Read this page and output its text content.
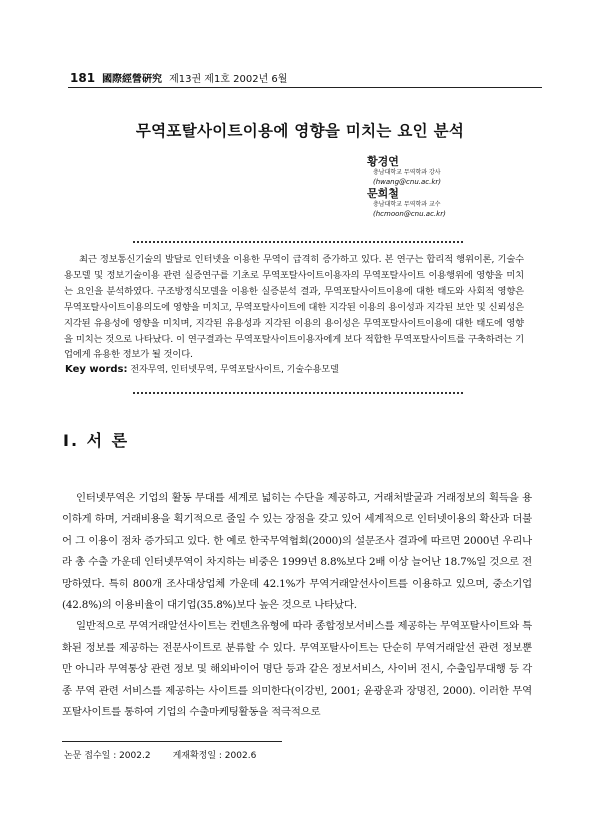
181 國際經營硏究 제13권 제1호 2002년 6월
무역포탈사이트이용에 영향을 미치는 요인 분석
황경연
충남대학교 무역학과 강사
(hwang@cnu.ac.kr)
문희철
충남대학교 무역학과 교수
(hcmoon@cnu.ac.kr)

최근 정보통신기술의 발달로 인터넷을 이용한 무역이 급격히 증가하고 있다. 본 연구는 합리적 행위이론, 기술수용모델 및 정보기술이용 관련 실증연구를 기초로 무역포탈사이트이용자의 무역포탈사이트 이용행위에 영향을 미치는 요인을 분석하였다. 구조방정식모델을 이용한 실증분석 결과, 무역포탈사이트이용에 대한 태도와 사회적 영향은 무역포탈사이트이용의도에 영향을 미치고, 무역포탈사이트에 대한 지각된 이용의 용이성과 지각된 보안 및 신뢰성은 지각된 유용성에 영향을 미치며, 지각된 유용성과 지각된 이용의 용이성은 무역포탈사이트이용에 대한 태도에 영향을 미치는 것으로 나타났다. 이 연구결과는 무역포탈사이트이용자에게 보다 적합한 무역포탈사이트를 구축하려는 기업에게 유용한 정보가 될 것이다.

Key words: 전자무역, 인터넷무역, 무역포탈사이트, 기술수용모델
Ⅰ. 서 론

인터넷무역은 기업의 활동 무대를 세계로 넓히는 수단을 제공하고, 거래처발굴과 거래정보의 획득을 용이하게 하며, 거래비용을 획기적으로 줄일 수 있는 장점을 갖고 있어 세계적으로 인터넷이용의 확산과 더불어 그 이용이 점차 증가되고 있다. 한 예로 한국무역협회(2000)의 설문조사 결과에 따르면 2000년 우리나라 총 수출 가운데 인터넷무역이 차지하는 비중은 1999년 8.8%보다 2배 이상 늘어난 18.7%일 것으로 전망하였다. 특히 800개 조사대상업체 가운데 42.1%가 무역거래알선사이트를 이용하고 있으며, 중소기업(42.8%)의 이용비율이 대기업(35.8%)보다 높은 것으로 나타났다.

일반적으로 무역거래알선사이트는 컨텐츠유형에 따라 종합정보서비스를 제공하는 무역포탈사이트와 특화된 정보를 제공하는 전문사이트로 분류할 수 있다. 무역포탈사이트는 단순히 무역거래알선 관련 정보뿐만 아니라 무역통상 관련 정보 및 해외바이어 명단 등과 같은 정보서비스, 사이버 전시, 수출입무대행 등 각종 무역 관련 서비스를 제공하는 사이트를 의미한다(이강빈, 2001; 윤광운과 장명진, 2000). 이러한 무역포탈사이트를 통하여 기업의 수출마케팅활동을 적극적으로

논문 접수일 : 2002.2 게재확정일 : 2002.6
